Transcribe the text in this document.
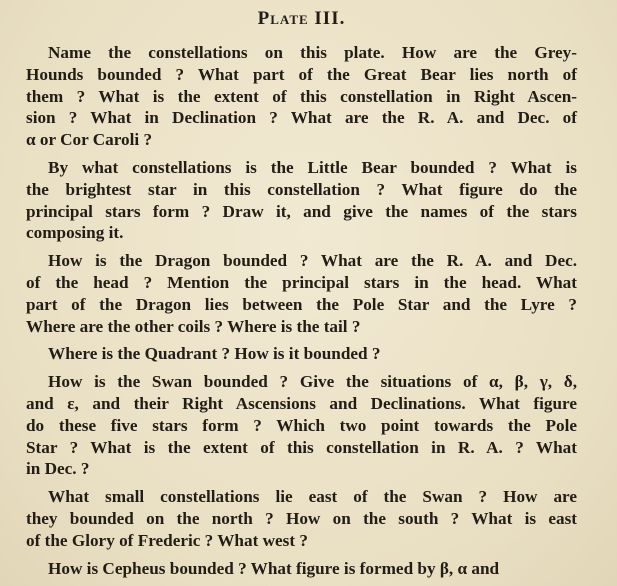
Plate III.
Name the constellations on this plate. How are the Grey-
Hounds bounded ? What part of the Great Bear lies north of
them ? What is the extent of this constellation in Right Ascen-
sion ? What in Declination ? What are the R. A. and Dec. of
α or Cor Caroli ?
By what constellations is the Little Bear bounded ? What is
the brightest star in this constellation ? What figure do the
principal stars form ? Draw it, and give the names of the stars
composing it.
How is the Dragon bounded ? What are the R. A. and Dec.
of the head ? Mention the principal stars in the head. What
part of the Dragon lies between the Pole Star and the Lyre ?
Where are the other coils ? Where is the tail ?
Where is the Quadrant ? How is it bounded ?
How is the Swan bounded ? Give the situations of α, β, γ, δ,
and ε, and their Right Ascensions and Declinations. What figure
do these five stars form ? Which two point towards the Pole
Star ? What is the extent of this constellation in R. A. ? What
in Dec. ?
What small constellations lie east of the Swan ? How are
they bounded on the north ? How on the south ? What is east
of the Glory of Frederic ? What west ?
How is Cepheus bounded ? What figure is formed by β, α and
